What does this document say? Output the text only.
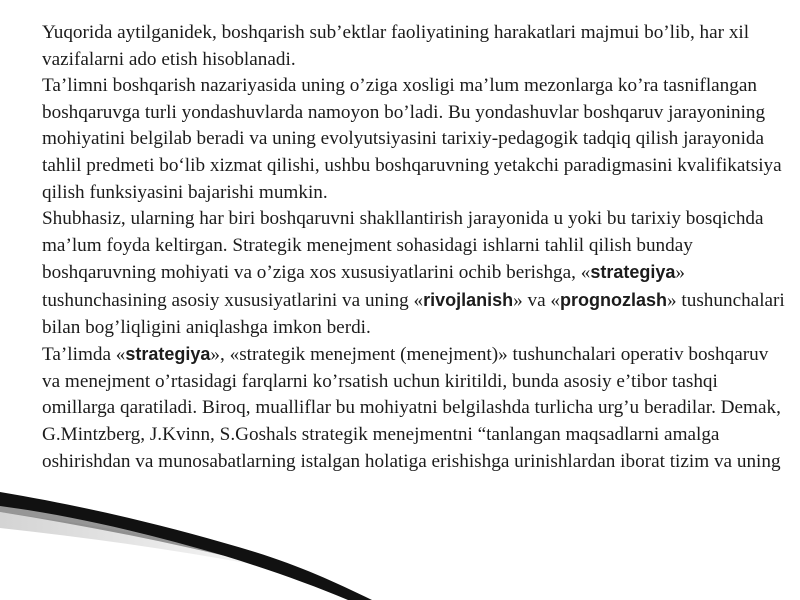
Yuqorida aytilganidek, boshqarish sub’ektlar faoliyatining harakatlari majmui bo’lib, har xil vazifalarni ado etish hisoblanadi.

Ta’limni boshqarish nazariyasida uning o’ziga xosligi ma’lum mezonlarga ko’ra tasniflangan boshqaruvga turli yondashuvlarda namoyon bo’ladi. Bu yondashuvlar boshqaruv jarayonining mohiyatini belgilab beradi va uning evolyutsiyasini tarixiy-pedagogik tadqiq qilish jarayonida tahlil predmeti bo‘lib xizmat qilishi, ushbu boshqaruvning yetakchi paradigmasini kvalifikatsiya qilish funksiyasini bajarishi mumkin.

Shubhasiz, ularning har biri boshqaruvni shakllantirish jarayonida u yoki bu tarixiy bosqichda ma’lum foyda keltirgan. Strategik menejment sohasidagi ishlarni tahlil qilish bunday boshqaruvning mohiyati va o’ziga xos xususiyatlarini ochib berishga, «strategiya» tushunchasining asosiy xususiyatlarini va uning «rivojlanish» va «prognozlash» tushunchalari bilan bog’liqligini aniqlashga imkon berdi.

Ta’limda «strategiya», «strategik menejment (menejment)» tushunchalari operativ boshqaruv va menejment o’rtasidagi farqlarni ko’rsatish uchun kiritildi, bunda asosiy e’tibor tashqi omillarga qaratiladi. Biroq, mualliflar bu mohiyatni belgilashda turlicha urg’u beradilar. Demak, G.Mintzberg, J.Kvinn, S.Goshals strategik menejmentni “tanlangan maqsadlarni amalga oshirishdan va munosabatlarning istalgan holatiga erishishga urinishlardan iborat tizim va uning
